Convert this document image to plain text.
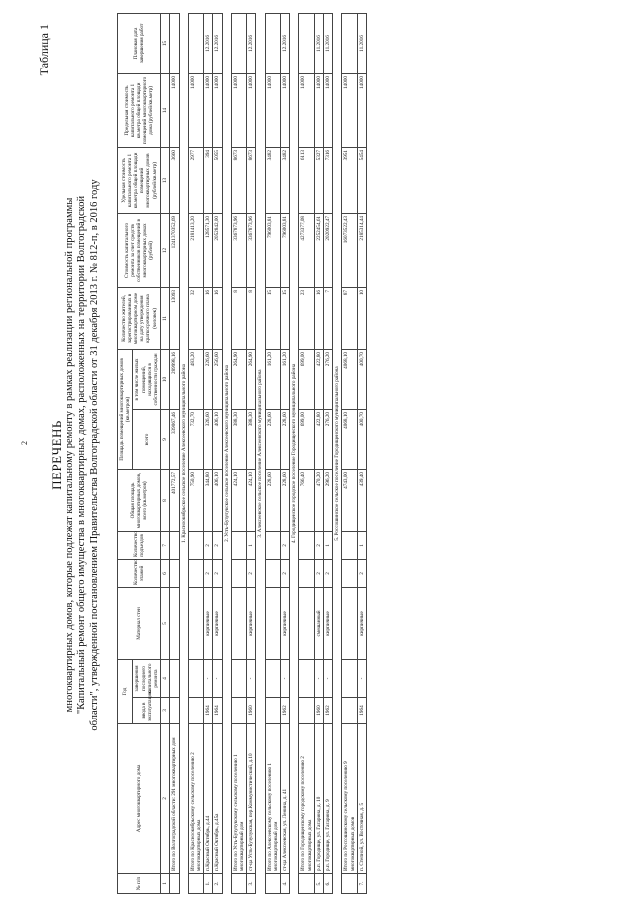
2
Таблица 1
ПЕРЕЧЕНЬ многоквартирных домов, которые подлежат капитальному ремонту в рамках реализации региональной программы "Капитальный ремонт общего имущества в многоквартирных домах, расположенных на территории Волгоградской области", утвержденной постановлением Правительства Волгоградской области от 31 декабря 2013 г. № 812-п, в 2016 году
№ п/п	Адрес многоквартирного дома	Год		Материал стен	Количество этажей	Количество подъездов	Общая площадь многоквартирных домов, всего (кв.метров)	Площадь помещений многоквартирных домов (кв.метров)		Количество жителей, зарегистрированных в многоквартирном доме на дату утверждения краткосрочного плана (человек)	Стоимость капитального ремонта за счет средств собственников помещений в многоквартирных домах (рублей)	Удельная стоимость капитального ремонта 1 кв.метра общей площади помещений многоквартирных домов (рублей/кв.метр)	Предельная стоимость капитального ремонта 1 кв.метра общей площади помещений многоквартирного дома (рублей/кв.метр)	Плановая дата завершения работ
		ввода в эксплуатацию	завершения последнего капитального ремонта					всего	в том числе жилых помещений, находящихся в собственности граждан					
1	2	3	4	5	6	7	8	9	10	11	12	13	14	15
	Итого по Волгоградской области: 291 многоквартирных дом						401772,57	339067,46	289998,16	13093	1241370352,69	3660	14000	
1. Красноокябрьское сельское поселение Алексеевского муниципального района														
	Итого по Красноокябрьскому сельскому поселению 2 многоквартирных дома						750,90	732,70	483,20	32	2181413,20	2977	14000	
1.	п.Красный Октябрь, д.44	1964	-	кирпичные	2	2	344,80	326,60	226,60	16	128571,30	394	14000	12.2016
2.	п.Красный Октябрь, д.45а	1964	-	кирпичные	2	2	406,10	406,10	256,60	16	2052842,00	5055	14000	12.2016
2. Усть-Бузулукское сельское поселение Алексеевского муниципального района														
	Итого по Усть-Бузулукскому сельскому поселению 1 многоквартирный дом						424,10	388,30	264,90	8	3367873,96	8673	14000	
3.	ст-ца Усть-Бузулукская, пер.Коммунистический, д.10	1960	-	кирпичные	2	1	424,10	388,30	264,90	8	3367873,96	8673	14000	12.2016
3. Алексеевское сельское поселение Алексеевского муниципального района														
	Итого по Алексеевскому сельскому поселению 1 многоквартирный дом						228,60	228,60	161,20	15	796003,81	3482	14000	
4.	ст-ца Алексеевская, ул. Ленина, д. 41	1962	-	кирпичные	2	2	228,60	228,60	161,20	15	796003,81	3482	14000	12.2016
4. Городищенское городское поселение Городищенского муниципального района														
	Итого по Городищенскому городскому поселению 2 многоквартирных дома						766,40	699,00	699,00	23	4273377,08	6113	14000	
5.	р.п. Городище, ул. Гагарина, д. 10	1960	-	смешанный	2	2	470,20	422,80	422,80	16	2252454,61	5327	14000	11.2016
6.	р.п. Городище, ул. Гагарина, д. 9	1962	-	кирпичные	2	1	296,20	276,20	276,20	7	2020922,47	7316	14000	11.2016
5. Россошинское сельское поселение Городищенского муниципального района														
	Итого по Россошинскому сельскому поселению 9 многоквартирных домов						4743,00	4068,10	4068,10	87	16073522,43	3951	14000	
7.	п. Степной, ул. Восточная, д. 5	1964	-	кирпичные	2	1	439,40	400,70	400,70	10	2185314,44	5454	14000	11.2016
